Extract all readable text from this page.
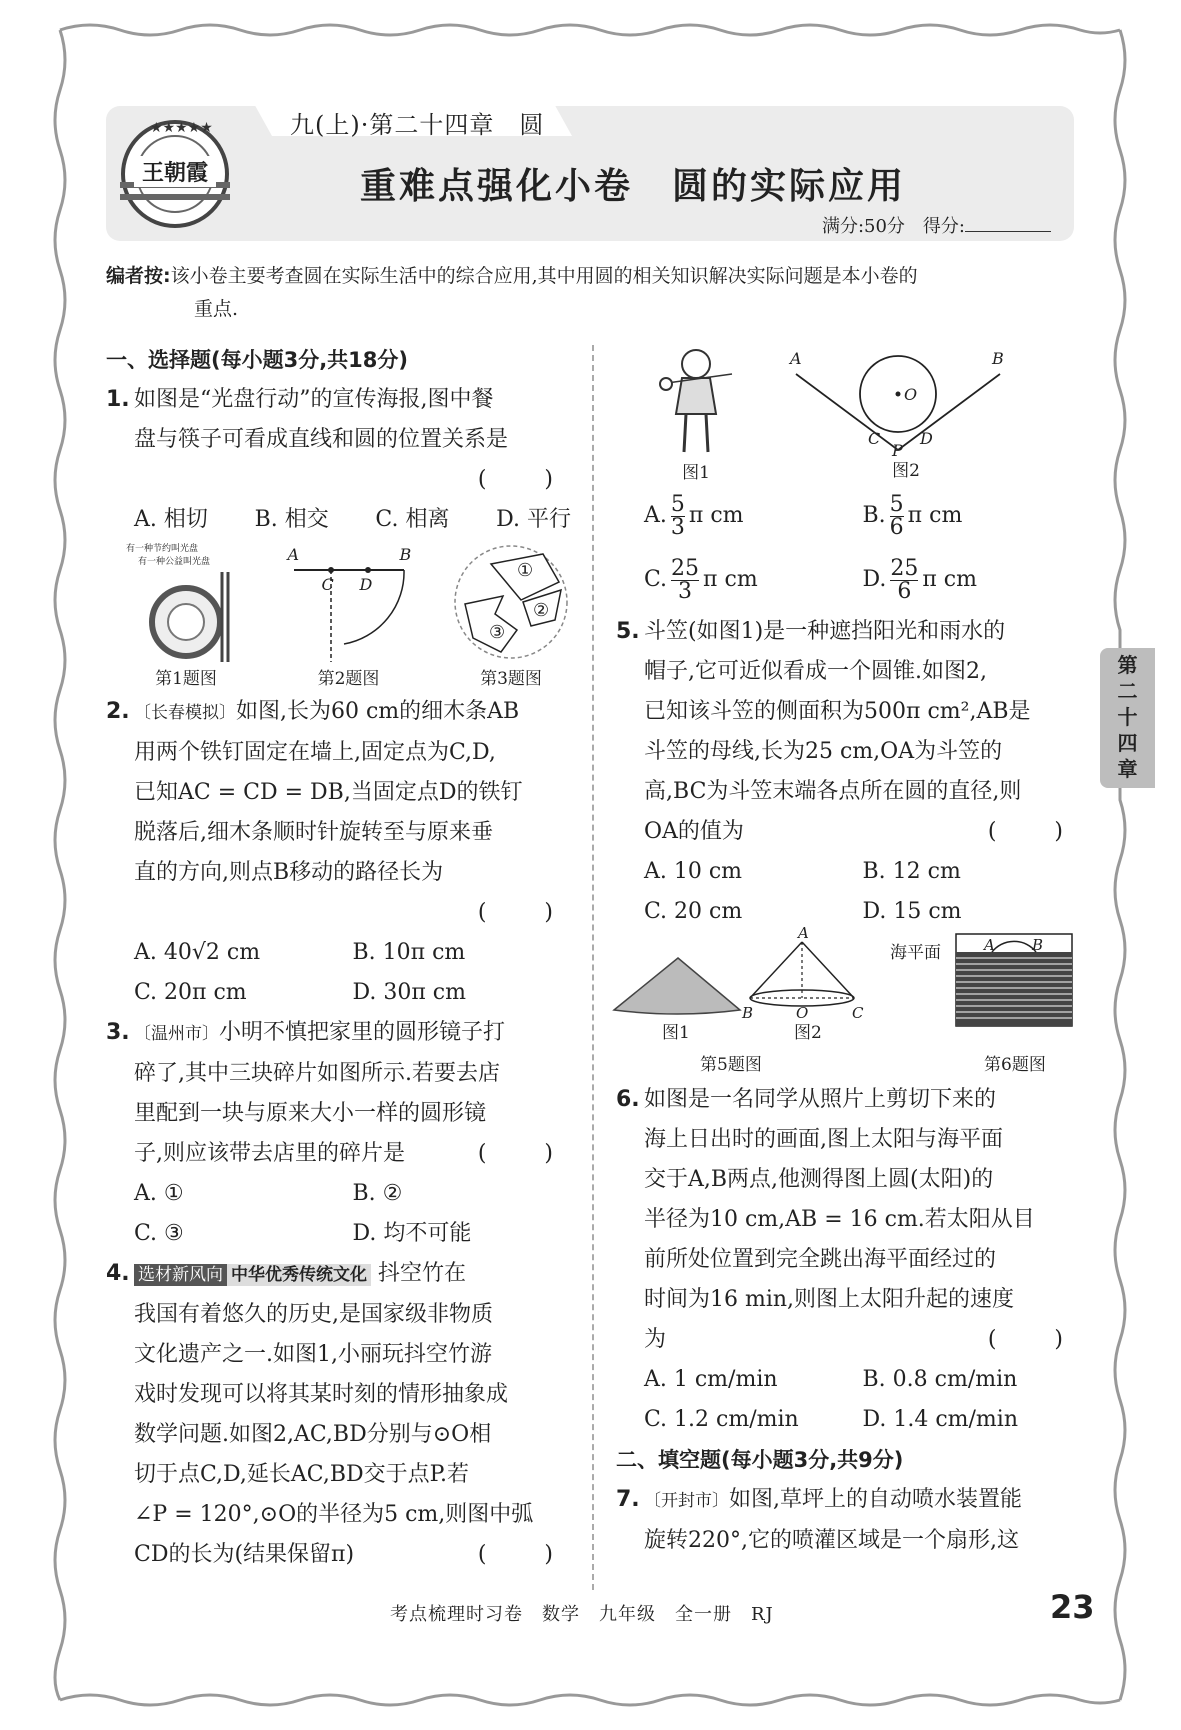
九(上)·第二十四章　圆
★★★★★
王朝霞	重难点强化小卷　圆的实际应用
满分:50分　得分:
编者按:该小卷主要考查圆在实际生活中的综合应用,其中用圆的相关知识解决实际问题是本小卷的
重点.
一、选择题(每小题3分,共18分)
1. 如图是“光盘行动”的宣传海报,图中餐
盘与筷子可看成直线和圆的位置关系是
(　)
A. 相切 B. 相交 C. 相离 D. 平行
有一种节约叫光盘
有一种公益叫光盘
第1题图
A
C D
B
第2题图
①
②
③
第3题图
2. 〔长春模拟〕如图,长为60 cm的细木条AB
用两个铁钉固定在墙上,固定点为C,D,
已知AC = CD = DB,当固定点D的铁钉
脱落后,细木条顺时针旋转至与原来垂
直的方向,则点B移动的路径长为
(　)
A. 40√2 cm	B. 10π cm
C. 20π cm	D. 30π cm
3. 〔温州市〕小明不慎把家里的圆形镜子打
碎了,其中三块碎片如图所示.若要去店
里配到一块与原来大小一样的圆形镜
子,则应该带去店里的碎片是	(　)
A. ①	B. ②
C. ③	D. 均不可能
4. 选材新风向 中华优秀传统文化 抖空竹在
我国有着悠久的历史,是国家级非物质
文化遗产之一.如图1,小丽玩抖空竹游
戏时发现可以将其某时刻的情形抽象成
数学问题.如图2,AC,BD分别与⊙O相
切于点C,D,延长AC,BD交于点P.若
∠P = 120°,⊙O的半径为5 cm,则图中弧
CD的长为(结果保留π)	(　)
图1
A	B
O
C D
P
图2
A. $\frac{5}{3}$ π cm	B. $\frac{5}{6}$ π cm
C. $\frac{25}{3}$ π cm	D. $\frac{25}{6}$ π cm
5. 斗笠(如图1)是一种遮挡阳光和雨水的
帽子,它可近似看成一个圆锥.如图2,
已知该斗笠的侧面积为500π cm²,AB是
斗笠的母线,长为25 cm,OA为斗笠的
高,BC为斗笠末端各点所在圆的直径,则
OA的值为	(　)
A. 10 cm	B. 12 cm
C. 20 cm	D. 15 cm
图1
A
B	O	C
图2
第5题图
海平面	A B
第6题图
6. 如图是一名同学从照片上剪切下来的
海上日出时的画面,图上太阳与海平面
交于A,B两点,他测得图上圆(太阳)的
半径为10 cm,AB = 16 cm.若太阳从目
前所处位置到完全跳出海平面经过的
时间为16 min,则图上太阳升起的速度
为	(　)
A. 1 cm/min	B. 0.8 cm/min
C. 1.2 cm/min	D. 1.4 cm/min
二、填空题(每小题3分,共9分)
7. 〔开封市〕如图,草坪上的自动喷水装置能
旋转220°,它的喷灌区域是一个扇形,这
第
二
十
四
章
考点梳理时习卷　数学　九年级　全一册　RJ	23
